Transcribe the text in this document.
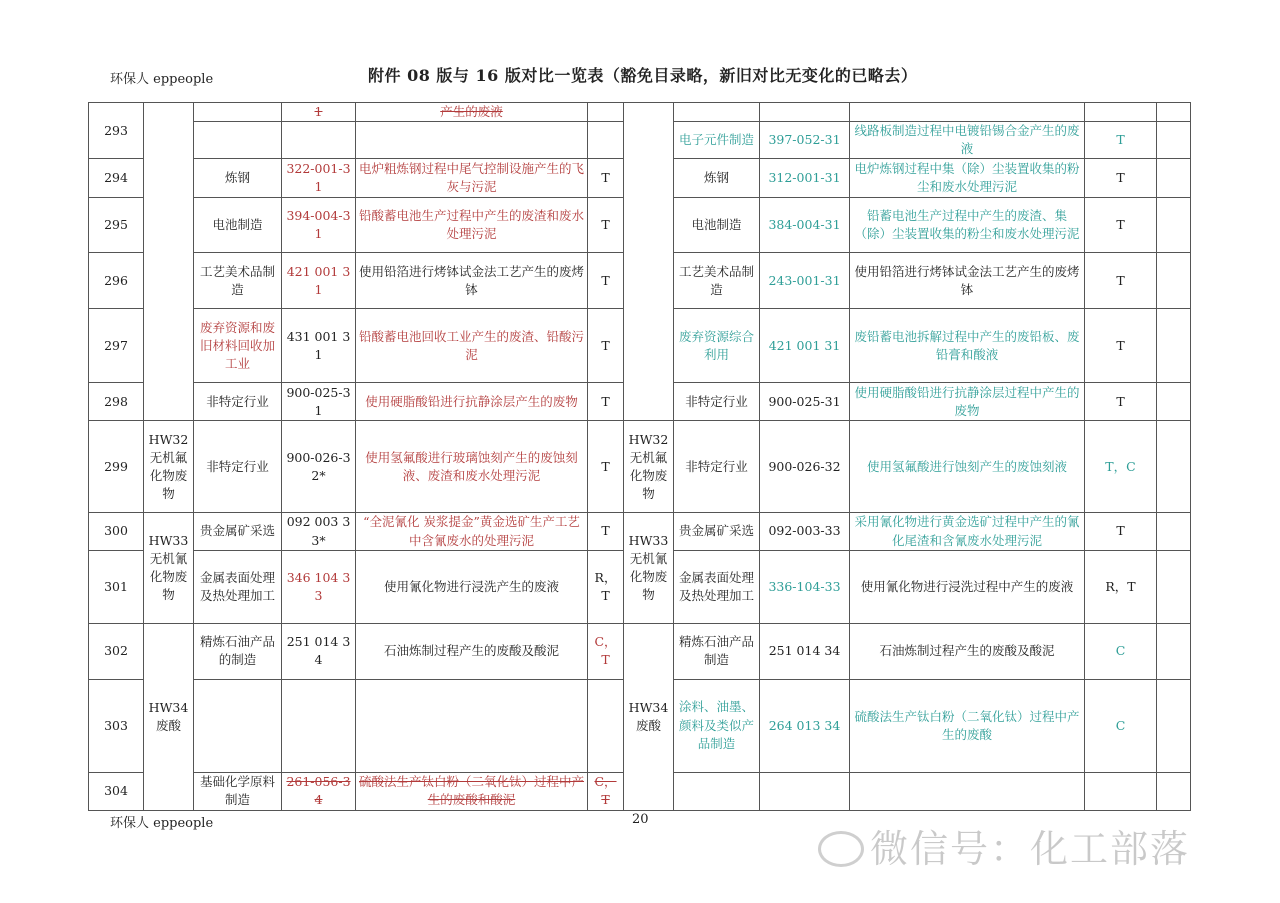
环保人 eppeople	附件 08 版与 16 版对比一览表（豁免目录略，新旧对比无变化的已略去）
293			1	产生的废液							
							电子元件制造	397-052-31	线路板制造过程中电镀铅锡合金产生的废液	T	
294		炼钢	322-001-31	电炉粗炼钢过程中尾气控制设施产生的飞灰与污泥	T		炼钢	312-001-31	电炉炼钢过程中集（除）尘装置收集的粉尘和废水处理污泥	T	
295		电池制造	394-004-31	铅酸蓄电池生产过程中产生的废渣和废水处理污泥	T		电池制造	384-004-31	铅蓄电池生产过程中产生的废渣、集（除）尘装置收集的粉尘和废水处理污泥	T	
296		工艺美术品制造	421 001 31	使用铅箔进行烤钵试金法工艺产生的废烤钵	T		工艺美术品制造	243-001-31	使用铅箔进行烤钵试金法工艺产生的废烤钵	T	
297		废弃资源和废旧材料回收加工业	431 001 31	铅酸蓄电池回收工业产生的废渣、铅酸污泥	T		废弃资源综合利用	421 001 31	废铅蓄电池拆解过程中产生的废铅板、废铅膏和酸液	T	
298		非特定行业	900-025-31	使用硬脂酸铅进行抗静涂层产生的废物	T		非特定行业	900-025-31	使用硬脂酸铅进行抗静涂层过程中产生的废物	T	
299	HW32 无机氟化物废物	非特定行业	900-026-32*	使用氢氟酸进行玻璃蚀刻产生的废蚀刻液、废渣和废水处理污泥	T	HW32 无机氟化物废物	非特定行业	900-026-32	使用氢氟酸进行蚀刻产生的废蚀刻液	T，C	
300	HW33 无机氰化物废物	贵金属矿采选	092 003 33*	“全泥氰化 炭浆提金”黄金选矿生产工艺中含氰废水的处理污泥	T	HW33 无机氰化物废物	贵金属矿采选	092-003-33	采用氰化物进行黄金选矿过程中产生的氰化尾渣和含氰废水处理污泥	T	
301		金属表面处理及热处理加工	346 104 33	使用氰化物进行浸洗产生的废液	R，T		金属表面处理及热处理加工	336-104-33	使用氰化物进行浸洗过程中产生的废液	R，T	
302	HW34 废酸	精炼石油产品的制造	251 014 34	石油炼制过程产生的废酸及酸泥	C，T	HW34 废酸	精炼石油产品制造	251 014 34	石油炼制过程产生的废酸及酸泥	C	
303							涂料、油墨、颜料及类似产品制造	264 013 34	硫酸法生产钛白粉（二氧化钛）过程中产生的废酸	C	
304		基础化学原料制造	261-056-34	硫酸法生产钛白粉（二氧化钛）过程中产生的废酸和酸泥	C，T						
环保人 eppeople	20
微信号：化工部落
